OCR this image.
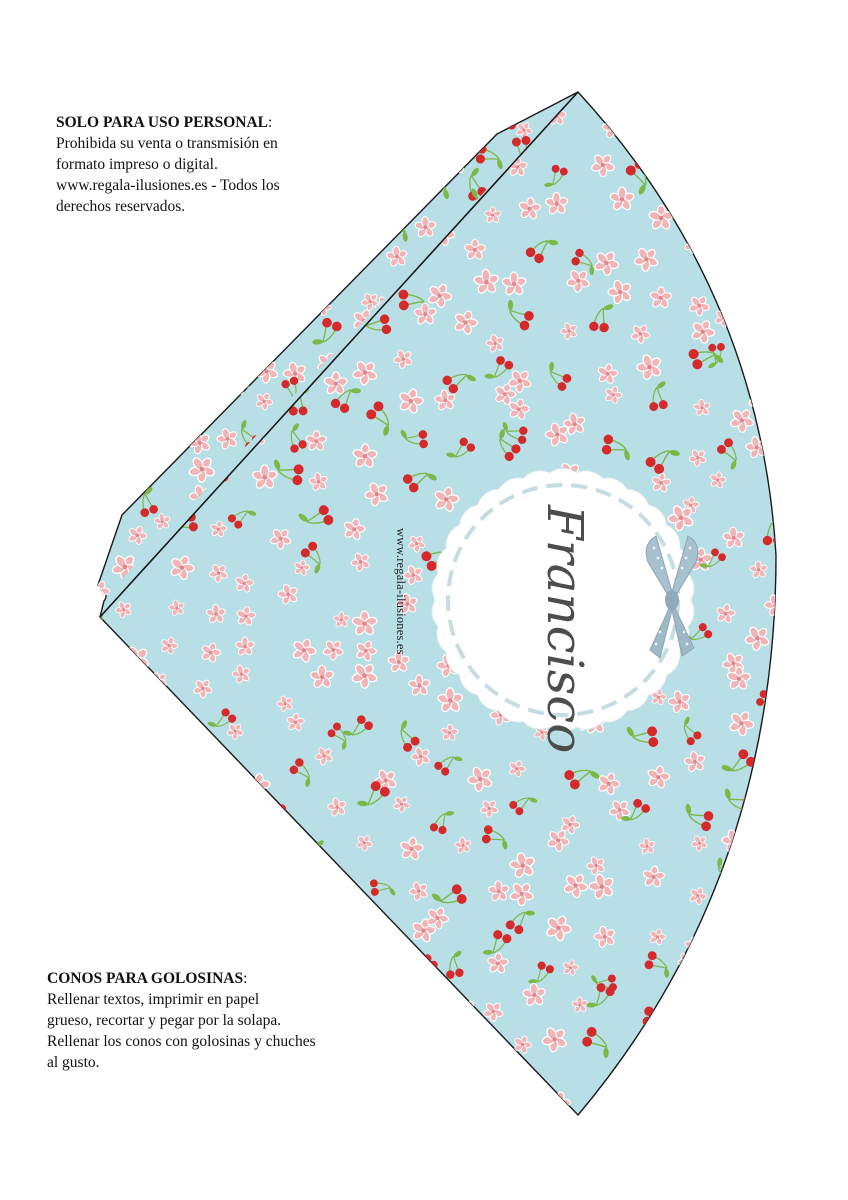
Francisco
www.regala-ilusiones.es

SOLO PARA USO PERSONAL:

Prohibida su venta o transmisión en

formato impreso o digital.

www.regala-ilusiones.es - Todos los

derechos reservados.

CONOS PARA GOLOSINAS:

Rellenar textos, imprimir en papel

grueso, recortar y pegar por la solapa.

Rellenar los conos con golosinas y chuches

al gusto.
